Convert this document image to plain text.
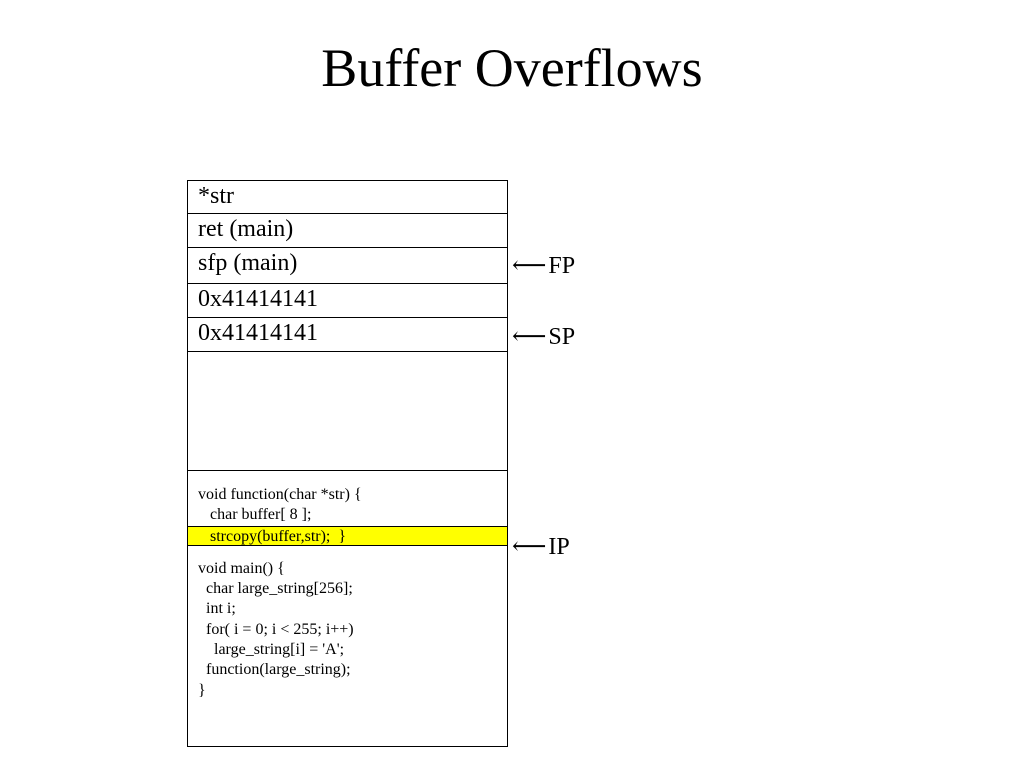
Buffer Overflows
*str
ret (main)
sfp (main)
0x41414141
0x41414141
void function(char *str) {
char buffer[ 8 ];
strcopy(buffer,str);  }
void main() {
char large_string[256];
int i;
for( i = 0; i < 255; i++)
large_string[i] = 'A';
function(large_string);
}
⟵ FP
⟵ SP
⟵ IP
